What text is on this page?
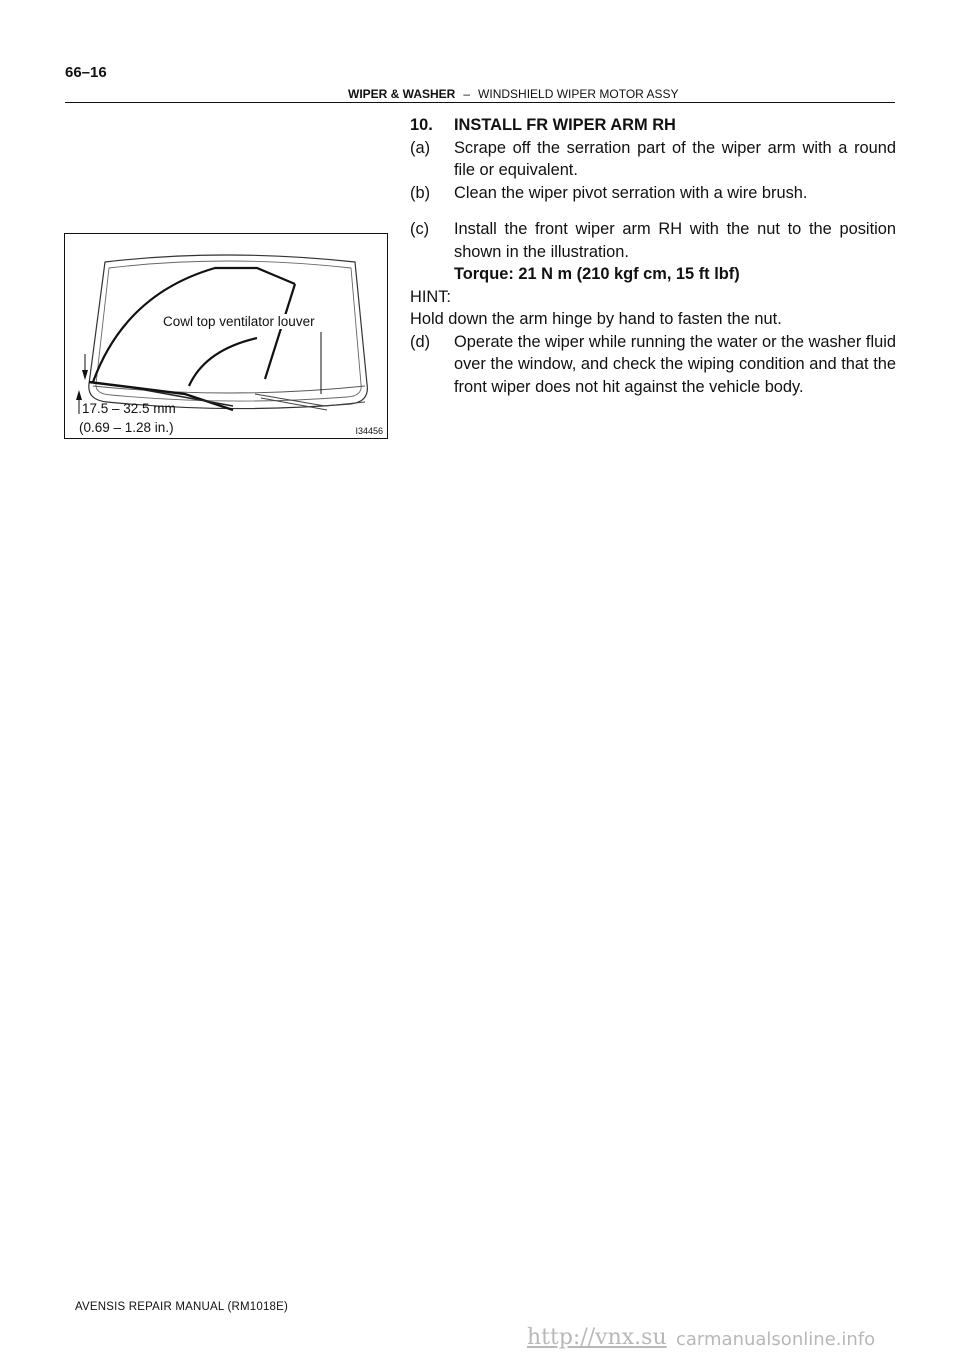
66–16
WIPER & WASHER – WINDSHIELD WIPER MOTOR ASSY
Cowl top ventilator louver
17.5 – 32.5 mm
(0.69 – 1.28 in.)	I34456

10. INSTALL FR WIPER ARM RH

(a) Scrape off the serration part of the wiper arm with a round file or equivalent.

(b) Clean the wiper pivot serration with a wire brush.

(c) Install the front wiper arm RH with the nut to the position shown in the illustration.
Torque: 21 N m (210 kgf cm, 15 ft lbf)

HINT:

Hold down the arm hinge by hand to fasten the nut.

(d) Operate the wiper while running the water or the washer fluid over the window, and check the wiping condition and that the front wiper does not hit against the vehicle body.

AVENSIS REPAIR MANUAL (RM1018E)
http://vnx.su carmanualsonline.info
